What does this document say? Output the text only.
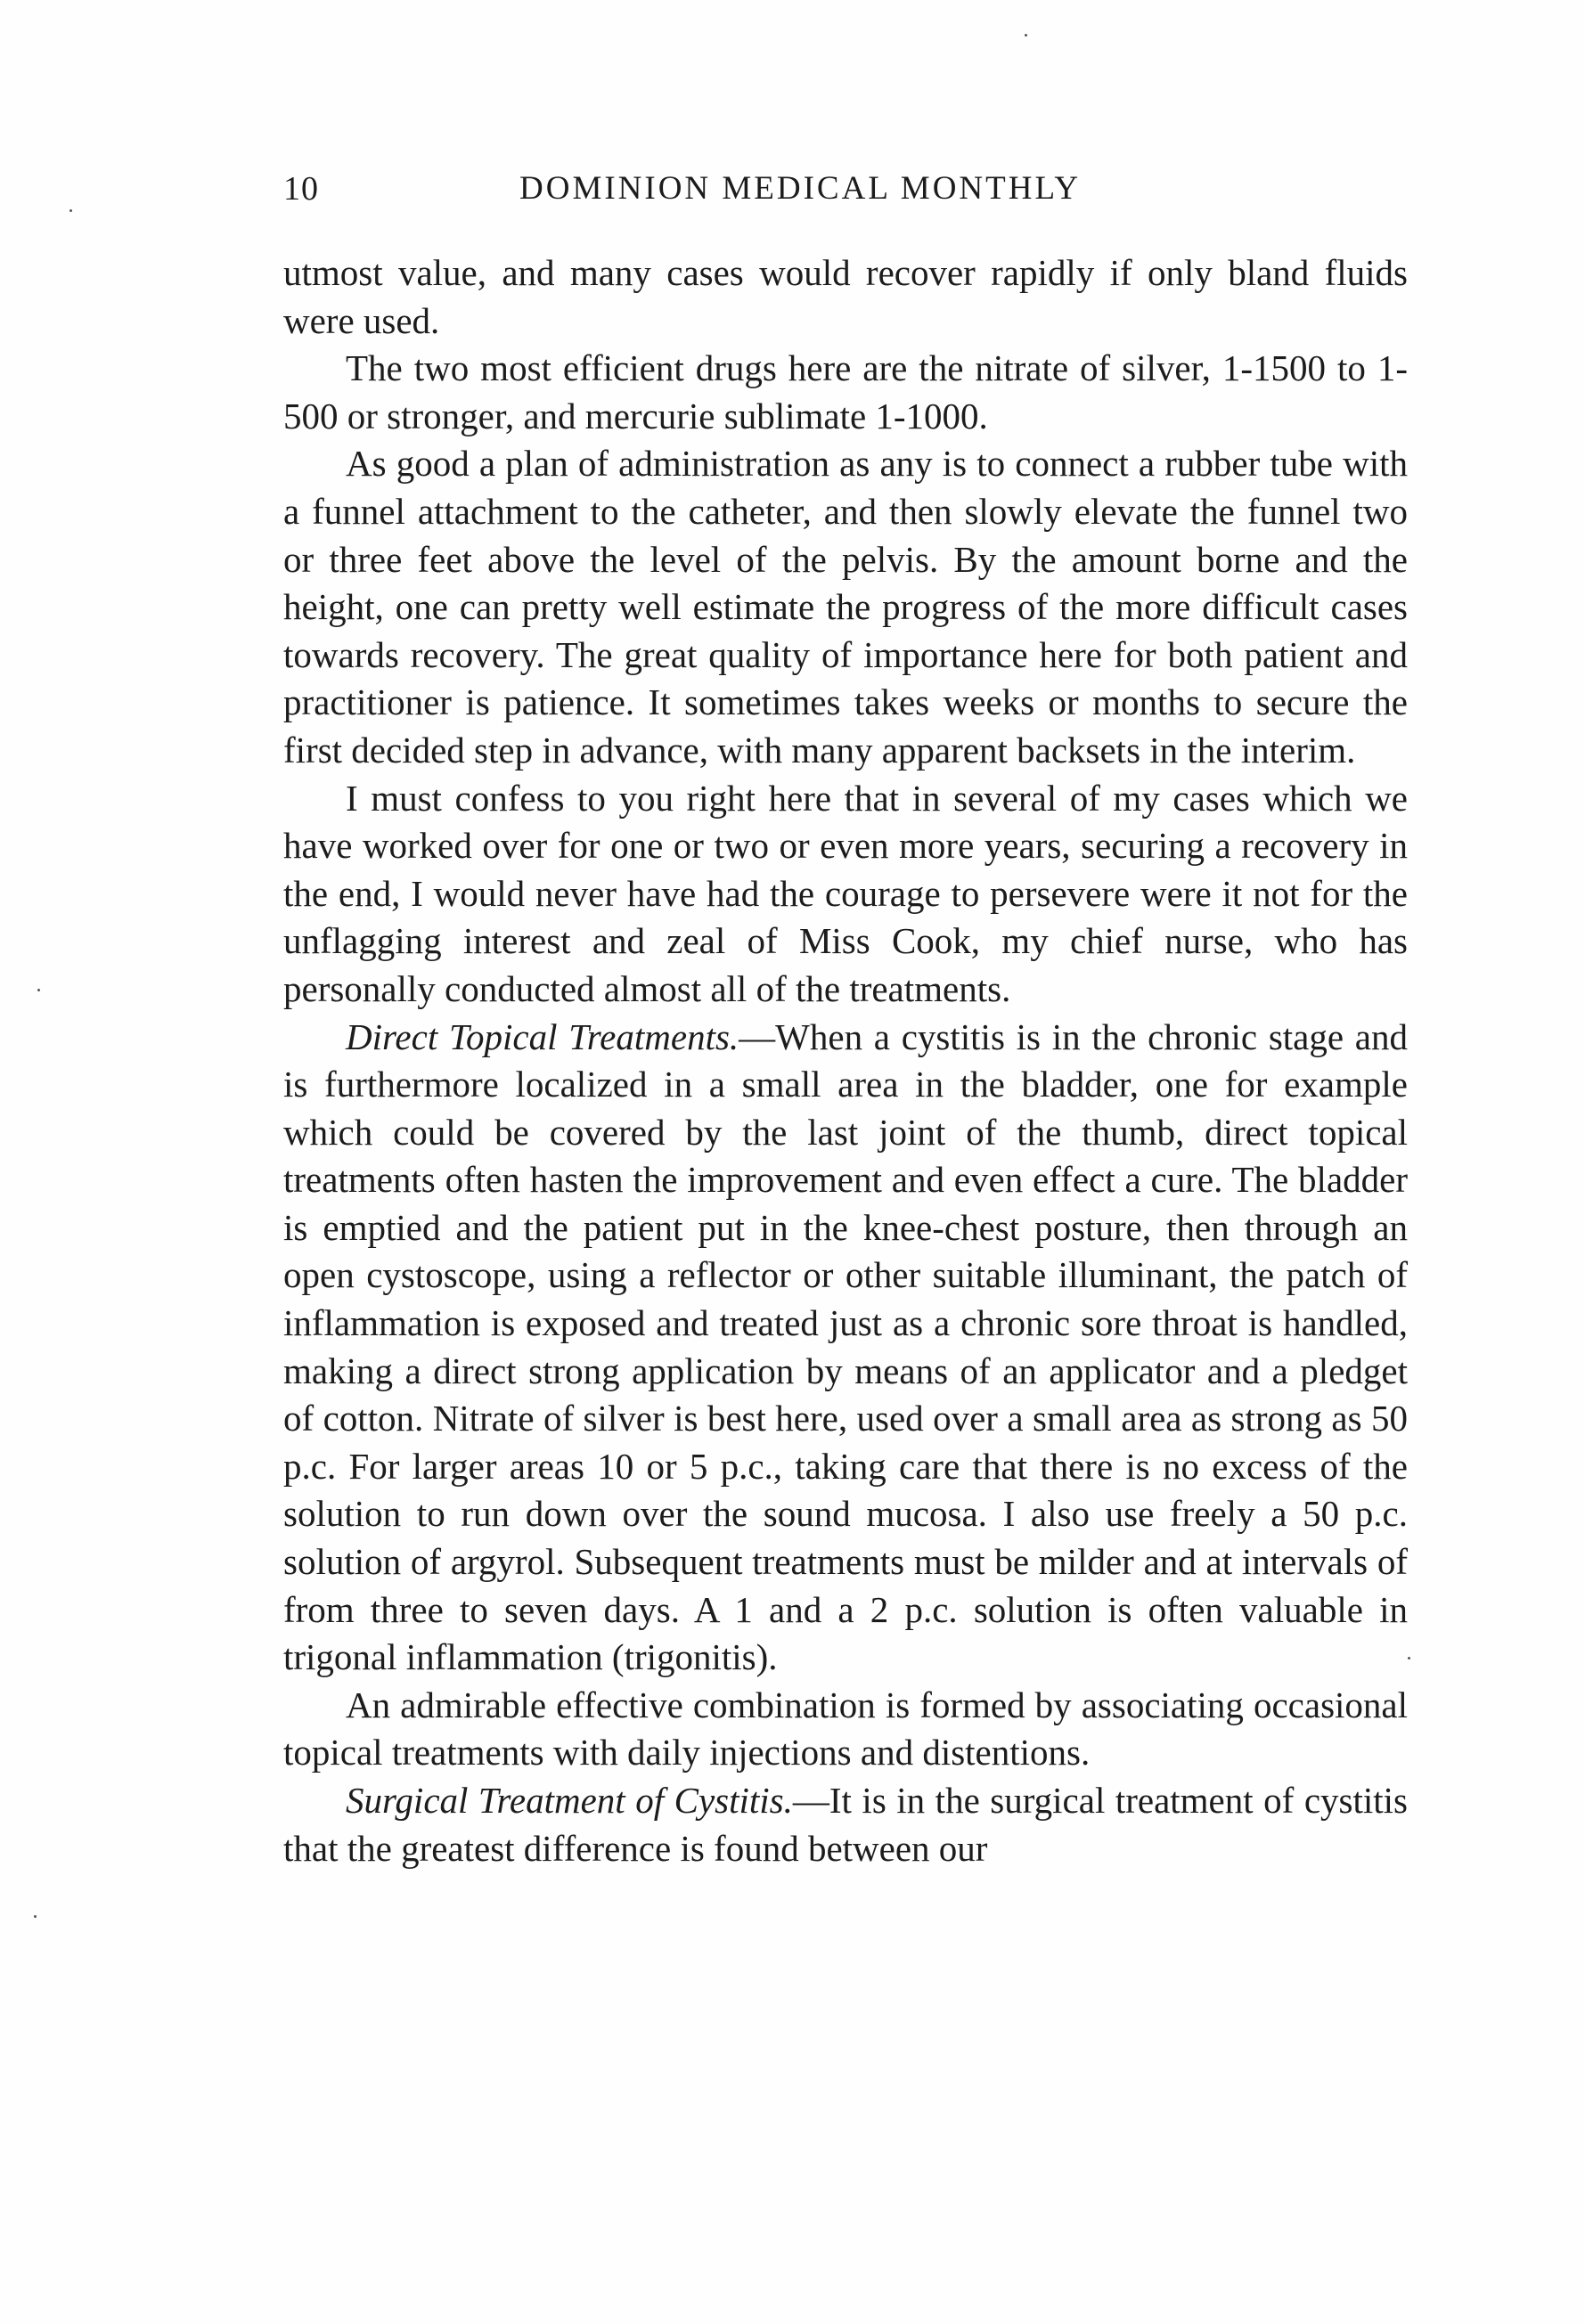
10	DOMINION MEDICAL MONTHLY

utmost value, and many cases would recover rapidly if only bland fluids were used.

The two most efficient drugs here are the nitrate of silver, 1-1500 to 1-500 or stronger, and mercurie sublimate 1-1000.

As good a plan of administration as any is to connect a rubber tube with a funnel attachment to the catheter, and then slowly elevate the funnel two or three feet above the level of the pelvis. By the amount borne and the height, one can pretty well estimate the progress of the more difficult cases towards recovery. The great quality of importance here for both patient and practitioner is patience. It sometimes takes weeks or months to secure the first decided step in advance, with many apparent backsets in the interim.

I must confess to you right here that in several of my cases which we have worked over for one or two or even more years, securing a recovery in the end, I would never have had the courage to persevere were it not for the unflagging interest and zeal of Miss Cook, my chief nurse, who has personally conducted almost all of the treatments.

Direct Topical Treatments.—When a cystitis is in the chronic stage and is furthermore localized in a small area in the bladder, one for example which could be covered by the last joint of the thumb, direct topical treatments often hasten the improvement and even effect a cure. The bladder is emptied and the patient put in the knee-chest posture, then through an open cystoscope, using a reflector or other suitable illuminant, the patch of inflammation is exposed and treated just as a chronic sore throat is handled, making a direct strong application by means of an applicator and a pledget of cotton. Nitrate of silver is best here, used over a small area as strong as 50 p.c. For larger areas 10 or 5 p.c., taking care that there is no excess of the solution to run down over the sound mucosa. I also use freely a 50 p.c. solution of argyrol. Subsequent treatments must be milder and at intervals of from three to seven days. A 1 and a 2 p.c. solution is often valuable in trigonal inflammation (trigonitis).

An admirable effective combination is formed by associating occasional topical treatments with daily injections and distentions.

Surgical Treatment of Cystitis.—It is in the surgical treatment of cystitis that the greatest difference is found between our
